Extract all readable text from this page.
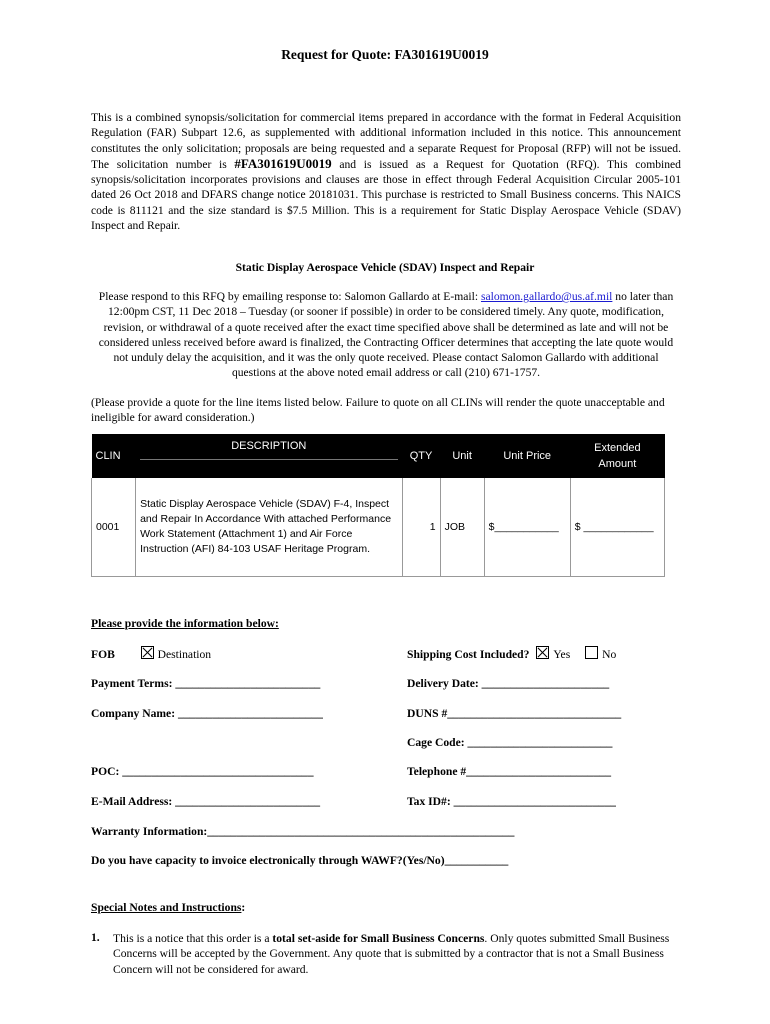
Request for Quote: FA301619U0019
This is a combined synopsis/solicitation for commercial items prepared in accordance with the format in Federal Acquisition Regulation (FAR) Subpart 12.6, as supplemented with additional information included in this notice. This announcement constitutes the only solicitation; proposals are being requested and a separate Request for Proposal (RFP) will not be issued. The solicitation number is #FA301619U0019 and is issued as a Request for Quotation (RFQ). This combined synopsis/solicitation incorporates provisions and clauses are those in effect through Federal Acquisition Circular 2005-101 dated 26 Oct 2018 and DFARS change notice 20181031. This purchase is restricted to Small Business concerns. This NAICS code is 811121 and the size standard is $7.5 Million. This is a requirement for Static Display Aerospace Vehicle (SDAV) Inspect and Repair.
Static Display Aerospace Vehicle (SDAV) Inspect and Repair
Please respond to this RFQ by emailing response to: Salomon Gallardo at E-mail: salomon.gallardo@us.af.mil no later than 12:00pm CST, 11 Dec 2018 – Tuesday (or sooner if possible) in order to be considered timely. Any quote, modification, revision, or withdrawal of a quote received after the exact time specified above shall be determined as late and will not be considered unless received before award is finalized, the Contracting Officer determines that accepting the late quote would not unduly delay the acquisition, and it was the only quote received. Please contact Salomon Gallardo with additional questions at the above noted email address or call (210) 671-1757.
(Please provide a quote for the line items listed below. Failure to quote on all CLINs will render the quote unacceptable and ineligible for award consideration.)
CLIN	DESCRIPTION	QTY	Unit	Unit Price	Extended Amount
0001	Static Display Aerospace Vehicle (SDAV) F-4, Inspect and Repair In Accordance With attached Performance Work Statement (Attachment 1) and Air Force Instruction (AFI) 84-103 USAF Heritage Program.	1	JOB	$___________	$ ____________
Please provide the information below:
FOB	Destination	Shipping Cost Included? Yes	No
Payment Terms: _________________________	Delivery Date: ______________________
Company Name: _________________________	DUNS #______________________________
Cage Code: _________________________
POC: _________________________________	Telephone #_________________________
E-Mail Address: _________________________	Tax ID#: ____________________________
Warranty Information:_____________________________________________________
Do you have capacity to invoice electronically through WAWF?(Yes/No)___________
Special Notes and Instructions:
1. This is a notice that this order is a total set-aside for Small Business Concerns. Only quotes submitted Small Business Concerns will be accepted by the Government. Any quote that is submitted by a contractor that is not a Small Business Concern will not be considered for award.
